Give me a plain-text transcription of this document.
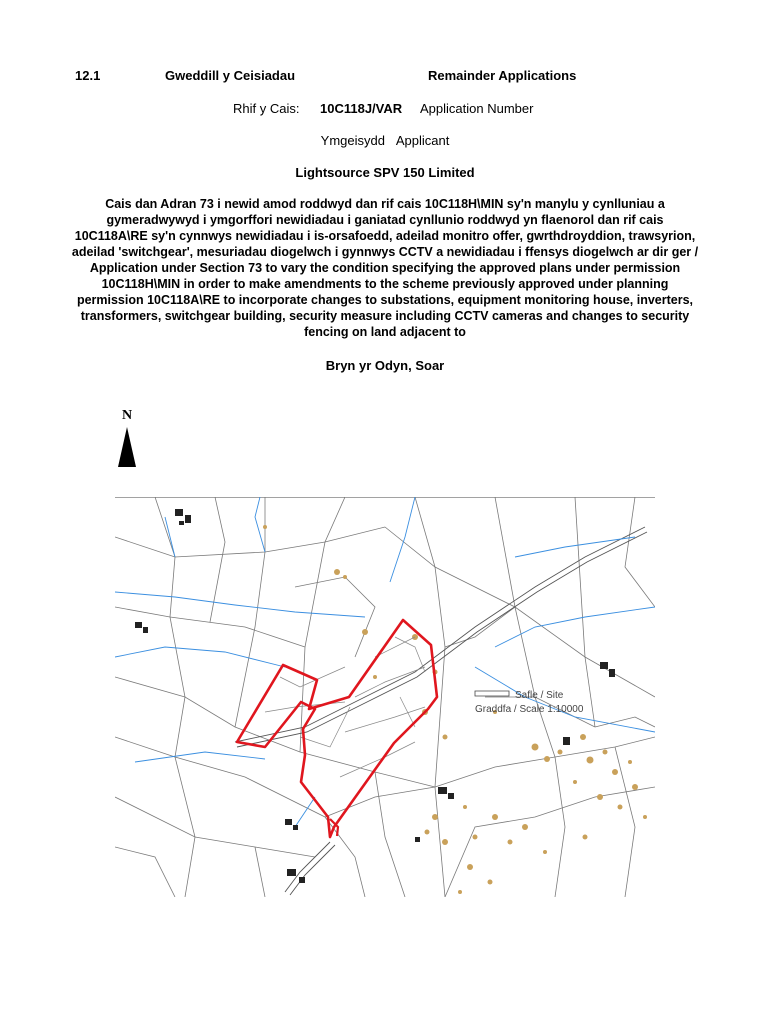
12.1	Gweddill y Ceisiadau	Remainder Applications
Rhif y Cais: 10C118J/VAR Application Number
Ymgeisydd Applicant
Lightsource SPV 150 Limited
Cais dan Adran 73 i newid amod roddwyd dan rif cais 10C118H\MIN sy'n manylu y cynlluniau a gymeradwywyd i ymgorffori newidiadau i ganiatad cynllunio roddwyd yn flaenorol dan rif cais 10C118A\RE sy'n cynnwys newidiadau i is-orsafoedd, adeilad monitro offer, gwrthdroyddion, trawsyrion, adeilad 'switchgear', mesuriadau diogelwch i gynnwys CCTV a newidiadau i ffensys diogelwch ar dir ger / Application under Section 73 to vary the condition specifying the approved plans under permission 10C118H\MIN in order to make amendments to the scheme previously approved under planning permission 10C118A\RE to incorporate changes to substations, equipment monitoring house, inverters, transformers, switchgear building, security measure including CCTV cameras and changes to security fencing on land adjacent to
Bryn yr Odyn, Soar
N
Safle / Site
Graddfa / Scale 1:10000
